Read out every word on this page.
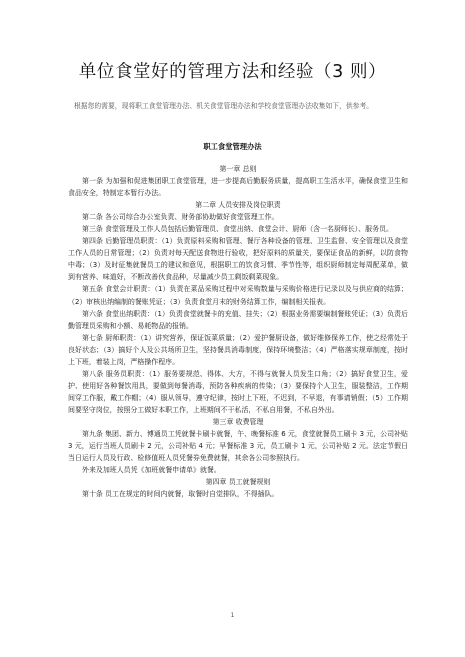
单位食堂好的管理方法和经验（3 则）

根据您的需要，现将职工食堂管理办法、机关食堂管理办法和学校食堂管理办法收集如下，供参考。

职工食堂管理办法

第一章 总则

第一条 为加强和促进集团职工食堂管理，进一步提高后勤服务质量，提高职工生活水平，确保食堂卫生和食品安全，特制定本暂行办法。

第二章 人员安排及岗位职责

第二条 各公司综合办公室负责、财务部协助做好食堂管理工作。

第三条 食堂管理及工作人员包括后勤管理员、食堂出纳、食堂会计、厨师（含一名厨师长）、服务员。

第四条 后勤管理员职责：（1）负责原料采购和管理、餐厅各种设备的管理、卫生监督、安全管理以及食堂工作人员的日常管理；（2）负责对每天配送食物进行验收，把好原料的质量关，要保证食品的新鲜，以防食物中毒；（3）及时征集就餐员工的建议和意见，根据职工的饮食习惯、季节性等，组织厨师制定每周配菜单，做到有营养、味道好，不断改善伙食品种，尽量减少员工剩饭剩菜现象。

第五条 食堂会计职责：（1）负责在菜品采购过程中对采购数量与采购价格进行记录以及与供应商的结算；（2）审核出纳编制的餐账凭证；（3）负责食堂月末的财务结算工作，编制相关报表。

第六条 食堂出纳职责：（1）负责食堂就餐卡的充值、挂失；（2）根据业务需要编制餐账凭证；（3）负责后勤管理员采购和小额、易耗物品的报销。

第七条 厨师职责：（1）讲究营养，保证饭菜质量；（2）爱护餐厨设备，做好维修保养工作，使之经常处于良好状态；（3）搞好个人及公共场所卫生，坚持餐具消毒制度，保持环境整洁；（4）严格落实规章制度，按时上下班，着装上岗，严格操作程序。

第八条 服务员职责：（1）服务要规范、得体、大方，不得与就餐人员发生口角；（2）搞好食堂卫生，爱护、使用好各种餐饮用具，要做到每餐消毒，预防各种疾病的传染；（3）要保持个人卫生，服装整洁，工作期间穿工作服，戴工作帽；（4）服从领导，遵守纪律，按时上下班，不迟到，不早退，有事请销假；（5）工作期间要坚守岗位，按照分工做好本职工作，上班期间不干私活，不私自用餐，不私自外出。

第三章 收费管理

第九条 集团、新力、博通员工凭就餐卡刷卡就餐，午、晚餐标准 6 元，食堂就餐员工刷卡 3 元，公司补贴 3 元，运行当班人员刷卡 2 元，公司补贴 4 元；早餐标准 3 元，员工刷卡 1 元，公司补贴 2 元。法定节假日当日运行人员及行政、检修值班人员凭餐券免费就餐，其余各公司参照执行。

外来及加班人员凭《加班就餐申请单》就餐。

第四章 员工就餐规则

第十条 员工在规定的时间内就餐，取餐时自觉排队，不得插队。

1
